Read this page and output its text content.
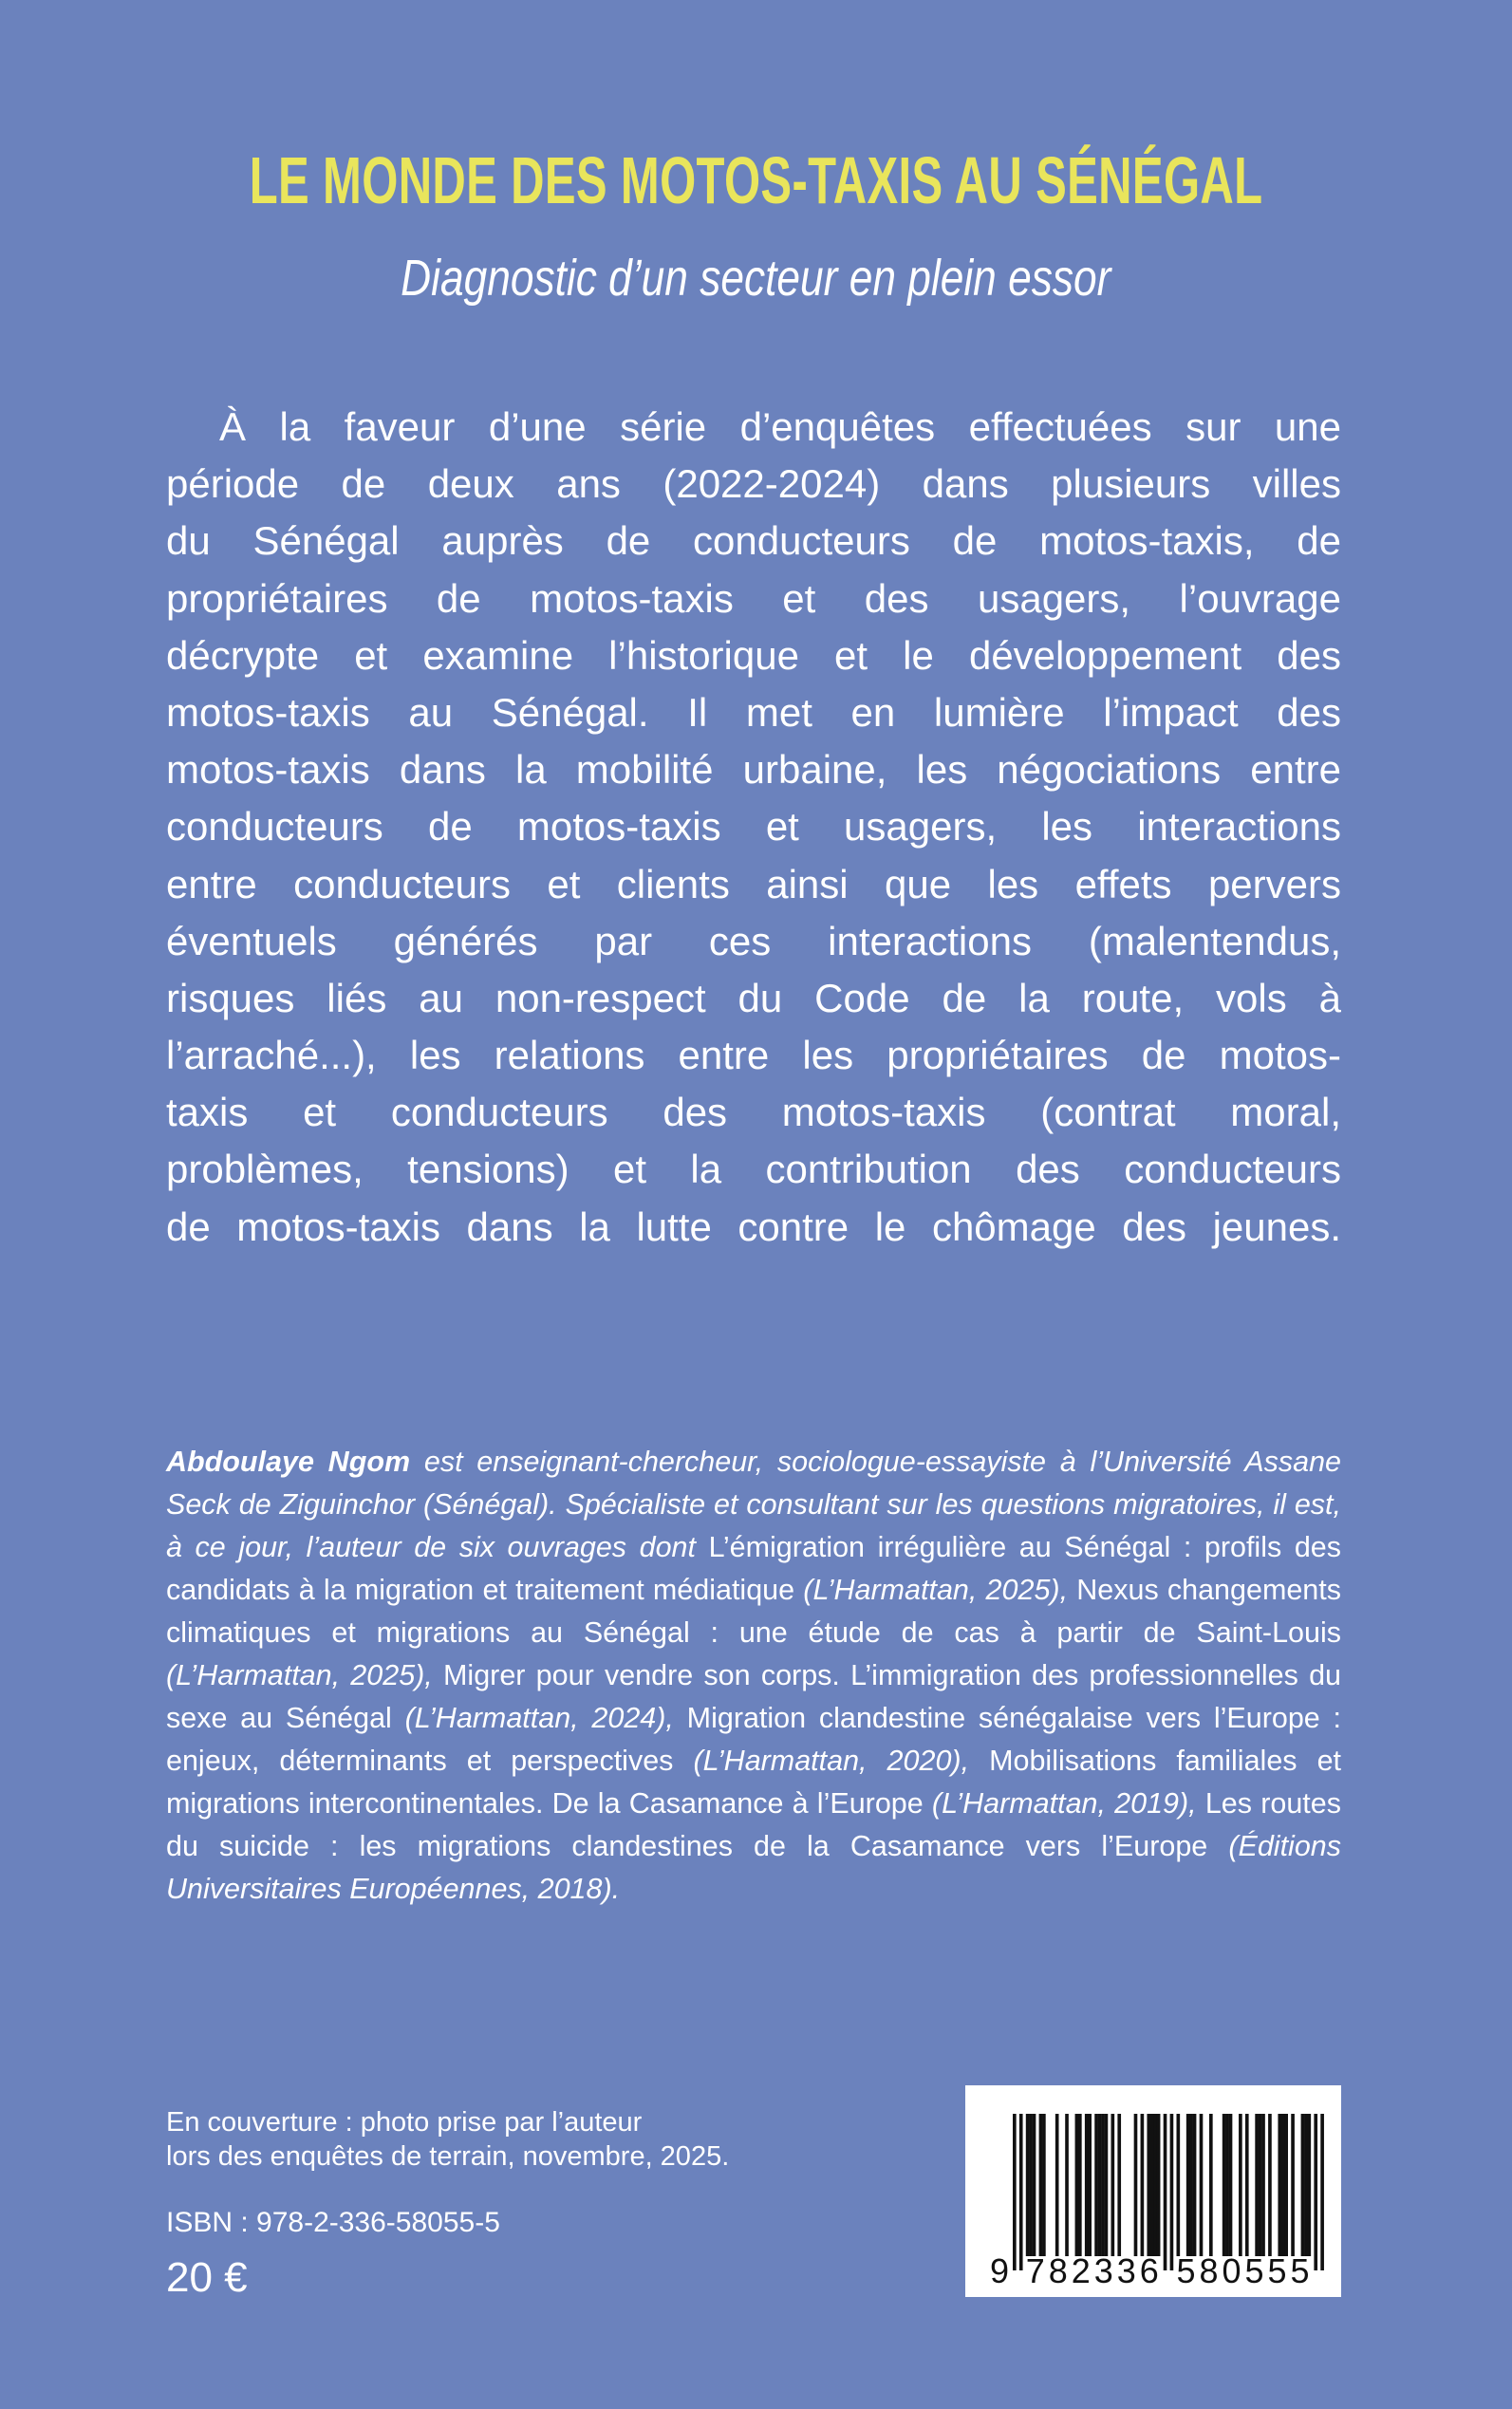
LE MONDE DES MOTOS-TAXIS AU SÉNÉGAL
Diagnostic d’un secteur en plein essor
À la faveur d’une série d’enquêtes effectuées sur une
période de deux ans (2022-2024) dans plusieurs villes
du Sénégal auprès de conducteurs de motos-taxis, de
propriétaires de motos-taxis et des usagers, l’ouvrage
décrypte et examine l’historique et le développement des
motos-taxis au Sénégal. Il met en lumière l’impact des
motos-taxis dans la mobilité urbaine, les négociations entre
conducteurs de motos-taxis et usagers, les interactions
entre conducteurs et clients ainsi que les effets pervers
éventuels générés par ces interactions (malentendus,
risques liés au non-respect du Code de la route, vols à
l’arraché...), les relations entre les propriétaires de motos-
taxis et conducteurs des motos-taxis (contrat moral,
problèmes, tensions) et la contribution des conducteurs
de motos-taxis dans la lutte contre le chômage des jeunes.
Abdoulaye Ngom est enseignant-chercheur, sociologue-essayiste à l’Université Assane Seck de Ziguinchor (Sénégal). Spécialiste et consultant sur les questions migratoires, il est, à ce jour, l’auteur de six ouvrages dont L’émigration irrégulière au Sénégal : profils des candidats à la migration et traitement médiatique (L’Harmattan, 2025), Nexus changements climatiques et migrations au Sénégal : une étude de cas à partir de Saint-Louis (L’Harmattan, 2025), Migrer pour vendre son corps. L’immigration des professionnelles du sexe au Sénégal (L’Harmattan, 2024), Migration clandestine sénégalaise vers l’Europe : enjeux, déterminants et perspectives (L’Harmattan, 2020), Mobilisations familiales et migrations intercontinentales. De la Casamance à l’Europe (L’Harmattan, 2019), Les routes du suicide : les migrations clandestines de la Casamance vers l’Europe (Éditions Universitaires Européennes, 2018).
En couverture : photo prise par l’auteur
lors des enquêtes de terrain, novembre, 2025.
ISBN : 978-2-336-58055-5
20 €	9 782336 580555
